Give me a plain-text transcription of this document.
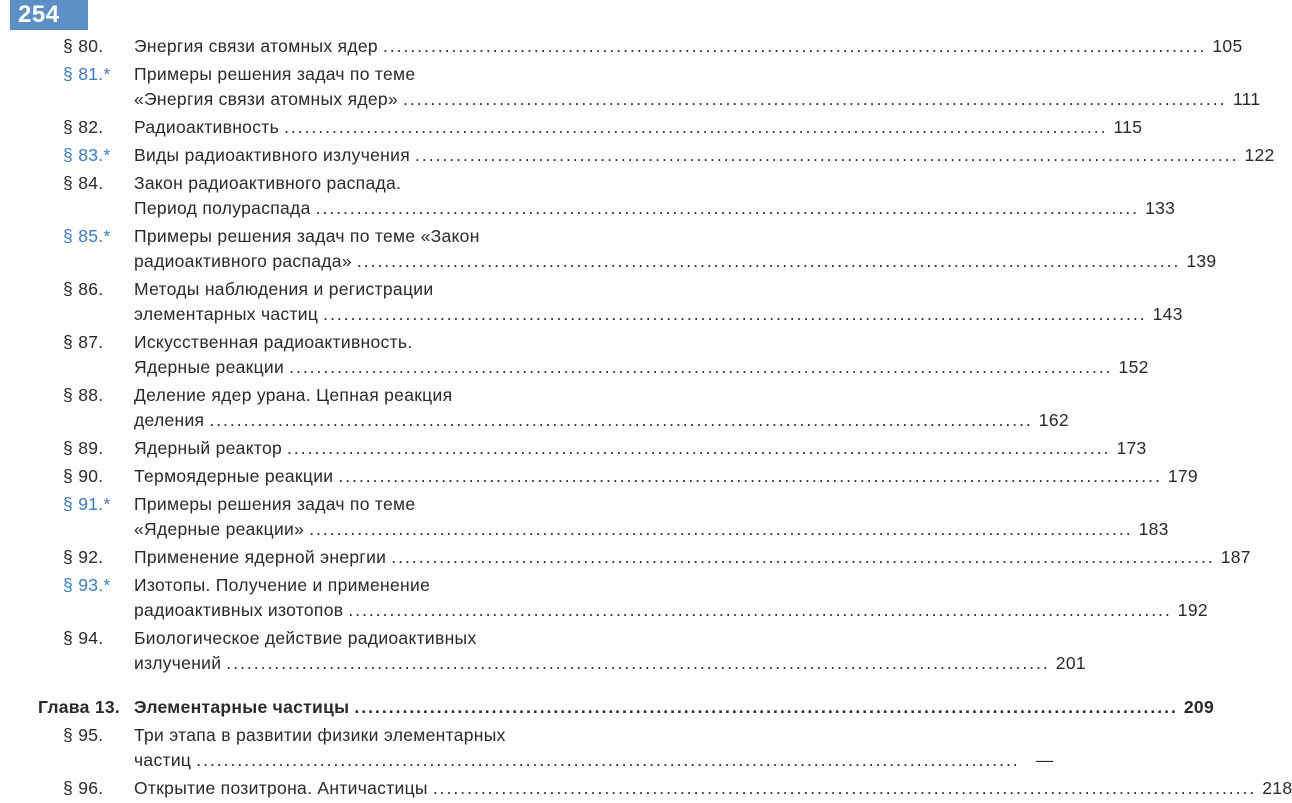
254
§ 80. Энергия связи атомных ядер ........................................................................................................................ 105
§ 81.* Примеры решения задач по теме
«Энергия связи атомных ядер» ........................................................................................................................ 111
§ 82. Радиоактивность ........................................................................................................................ 115
§ 83.* Виды радиоактивного излучения ........................................................................................................................ 122
§ 84. Закон радиоактивного распада.
Период полураспада ........................................................................................................................ 133
§ 85.* Примеры решения задач по теме «Закон
радиоактивного распада» ........................................................................................................................ 139
§ 86. Методы наблюдения и регистрации
элементарных частиц ........................................................................................................................ 143
§ 87. Искусственная радиоактивность.
Ядерные реакции ........................................................................................................................ 152
§ 88. Деление ядер урана. Цепная реакция
деления ........................................................................................................................ 162
§ 89. Ядерный реактор ........................................................................................................................ 173
§ 90. Термоядерные реакции ........................................................................................................................ 179
§ 91.* Примеры решения задач по теме
«Ядерные реакции» ........................................................................................................................ 183
§ 92. Применение ядерной энергии ........................................................................................................................ 187
§ 93.* Изотопы. Получение и применение
радиоактивных изотопов ........................................................................................................................ 192
§ 94. Биологическое действие радиоактивных
излучений ........................................................................................................................ 201
Глава 13. Элементарные частицы ........................................................................................................................ 209
§ 95. Три этапа в развитии физики элементарных
частиц ........................................................................................................................ —
§ 96. Открытие позитрона. Античастицы ........................................................................................................................ 218
